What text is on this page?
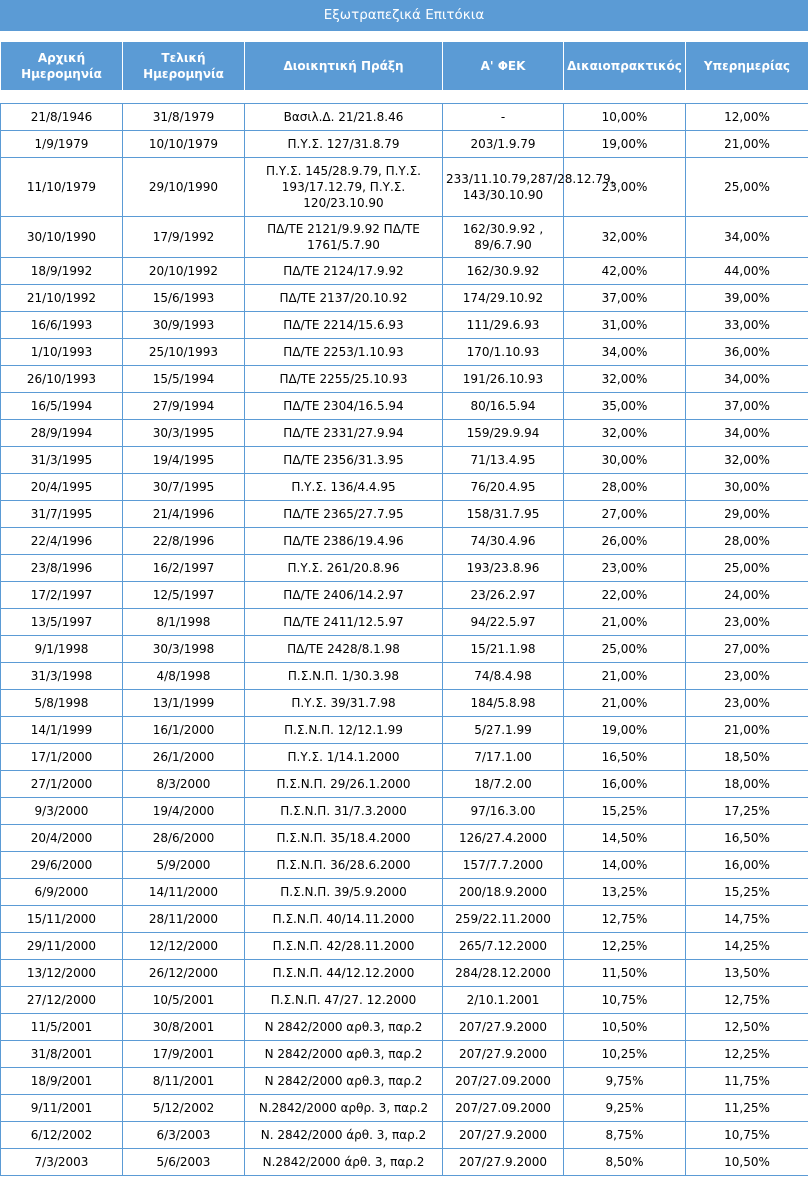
Εξωτραπεζικά Επιτόκια
Αρχική Ημερομηνία	Τελική Ημερομηνία	Διοικητική Πράξη	Α' ΦΕΚ	Δικαιοπρακτικός	Υπερημερίας

21/8/1946	31/8/1979	Βασιλ.Δ. 21/21.8.46	-	10,00%	12,00%
1/9/1979	10/10/1979	Π.Υ.Σ. 127/31.8.79	203/1.9.79	19,00%	21,00%
11/10/1979	29/10/1990	Π.Υ.Σ. 145/28.9.79, Π.Υ.Σ. 193/17.12.79, Π.Υ.Σ. 120/23.10.90	233/11.10.79,287/28.12.79, 143/30.10.90	23,00%	25,00%
30/10/1990	17/9/1992	ΠΔ/ΤΕ 2121/9.9.92 ΠΔ/ΤΕ 1761/5.7.90	162/30.9.92 , 89/6.7.90	32,00%	34,00%
18/9/1992	20/10/1992	ΠΔ/ΤΕ 2124/17.9.92	162/30.9.92	42,00%	44,00%
21/10/1992	15/6/1993	ΠΔ/ΤΕ 2137/20.10.92	174/29.10.92	37,00%	39,00%
16/6/1993	30/9/1993	ΠΔ/ΤΕ 2214/15.6.93	111/29.6.93	31,00%	33,00%
1/10/1993	25/10/1993	ΠΔ/ΤΕ 2253/1.10.93	170/1.10.93	34,00%	36,00%
26/10/1993	15/5/1994	ΠΔ/ΤΕ 2255/25.10.93	191/26.10.93	32,00%	34,00%
16/5/1994	27/9/1994	ΠΔ/ΤΕ 2304/16.5.94	80/16.5.94	35,00%	37,00%
28/9/1994	30/3/1995	ΠΔ/ΤΕ 2331/27.9.94	159/29.9.94	32,00%	34,00%
31/3/1995	19/4/1995	ΠΔ/ΤΕ 2356/31.3.95	71/13.4.95	30,00%	32,00%
20/4/1995	30/7/1995	Π.Υ.Σ. 136/4.4.95	76/20.4.95	28,00%	30,00%
31/7/1995	21/4/1996	ΠΔ/ΤΕ 2365/27.7.95	158/31.7.95	27,00%	29,00%
22/4/1996	22/8/1996	ΠΔ/ΤΕ 2386/19.4.96	74/30.4.96	26,00%	28,00%
23/8/1996	16/2/1997	Π.Υ.Σ. 261/20.8.96	193/23.8.96	23,00%	25,00%
17/2/1997	12/5/1997	ΠΔ/ΤΕ 2406/14.2.97	23/26.2.97	22,00%	24,00%
13/5/1997	8/1/1998	ΠΔ/ΤΕ 2411/12.5.97	94/22.5.97	21,00%	23,00%
9/1/1998	30/3/1998	ΠΔ/ΤΕ 2428/8.1.98	15/21.1.98	25,00%	27,00%
31/3/1998	4/8/1998	Π.Σ.Ν.Π. 1/30.3.98	74/8.4.98	21,00%	23,00%
5/8/1998	13/1/1999	Π.Υ.Σ. 39/31.7.98	184/5.8.98	21,00%	23,00%
14/1/1999	16/1/2000	Π.Σ.Ν.Π. 12/12.1.99	5/27.1.99	19,00%	21,00%
17/1/2000	26/1/2000	Π.Υ.Σ. 1/14.1.2000	7/17.1.00	16,50%	18,50%
27/1/2000	8/3/2000	Π.Σ.Ν.Π. 29/26.1.2000	18/7.2.00	16,00%	18,00%
9/3/2000	19/4/2000	Π.Σ.Ν.Π. 31/7.3.2000	97/16.3.00	15,25%	17,25%
20/4/2000	28/6/2000	Π.Σ.Ν.Π. 35/18.4.2000	126/27.4.2000	14,50%	16,50%
29/6/2000	5/9/2000	Π.Σ.Ν.Π. 36/28.6.2000	157/7.7.2000	14,00%	16,00%
6/9/2000	14/11/2000	Π.Σ.Ν.Π. 39/5.9.2000	200/18.9.2000	13,25%	15,25%
15/11/2000	28/11/2000	Π.Σ.Ν.Π. 40/14.11.2000	259/22.11.2000	12,75%	14,75%
29/11/2000	12/12/2000	Π.Σ.Ν.Π. 42/28.11.2000	265/7.12.2000	12,25%	14,25%
13/12/2000	26/12/2000	Π.Σ.Ν.Π. 44/12.12.2000	284/28.12.2000	11,50%	13,50%
27/12/2000	10/5/2001	Π.Σ.Ν.Π. 47/27. 12.2000	2/10.1.2001	10,75%	12,75%
11/5/2001	30/8/2001	Ν 2842/2000 αρθ.3, παρ.2	207/27.9.2000	10,50%	12,50%
31/8/2001	17/9/2001	Ν 2842/2000 αρθ.3, παρ.2	207/27.9.2000	10,25%	12,25%
18/9/2001	8/11/2001	Ν 2842/2000 αρθ.3, παρ.2	207/27.09.2000	9,75%	11,75%
9/11/2001	5/12/2002	Ν.2842/2000 αρθρ. 3, παρ.2	207/27.09.2000	9,25%	11,25%
6/12/2002	6/3/2003	Ν. 2842/2000 άρθ. 3, παρ.2	207/27.9.2000	8,75%	10,75%
7/3/2003	5/6/2003	Ν.2842/2000 άρθ. 3, παρ.2	207/27.9.2000	8,50%	10,50%
